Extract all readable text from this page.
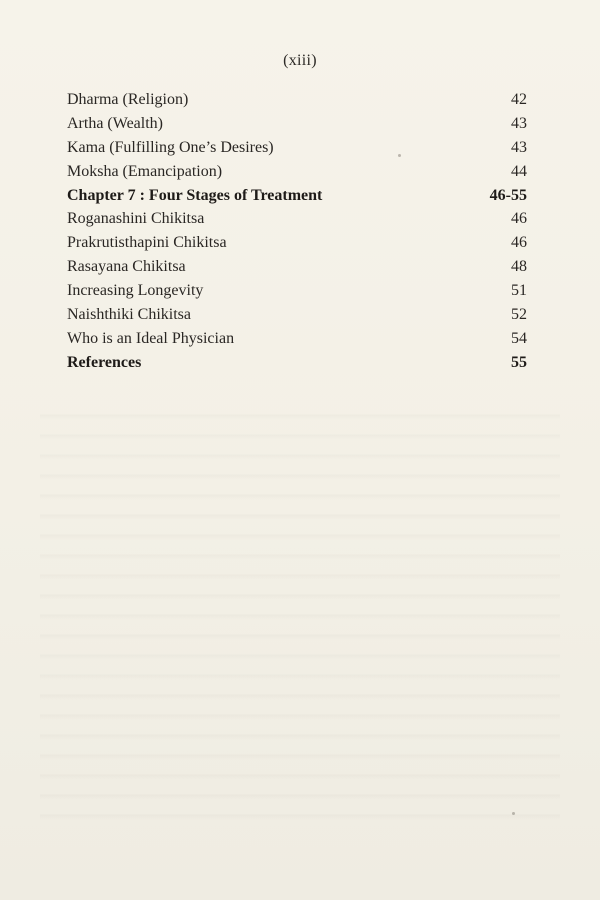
(xiii)
Dharma (Religion)	42
Artha (Wealth)	43
Kama (Fulfilling One’s Desires)	43
Moksha (Emancipation)	44
Chapter 7 : Four Stages of Treatment	46-55
Roganashini Chikitsa	46
Prakrutisthapini Chikitsa	46
Rasayana Chikitsa	48
Increasing Longevity	51
Naishthiki Chikitsa	52
Who is an Ideal Physician	54
References	55
